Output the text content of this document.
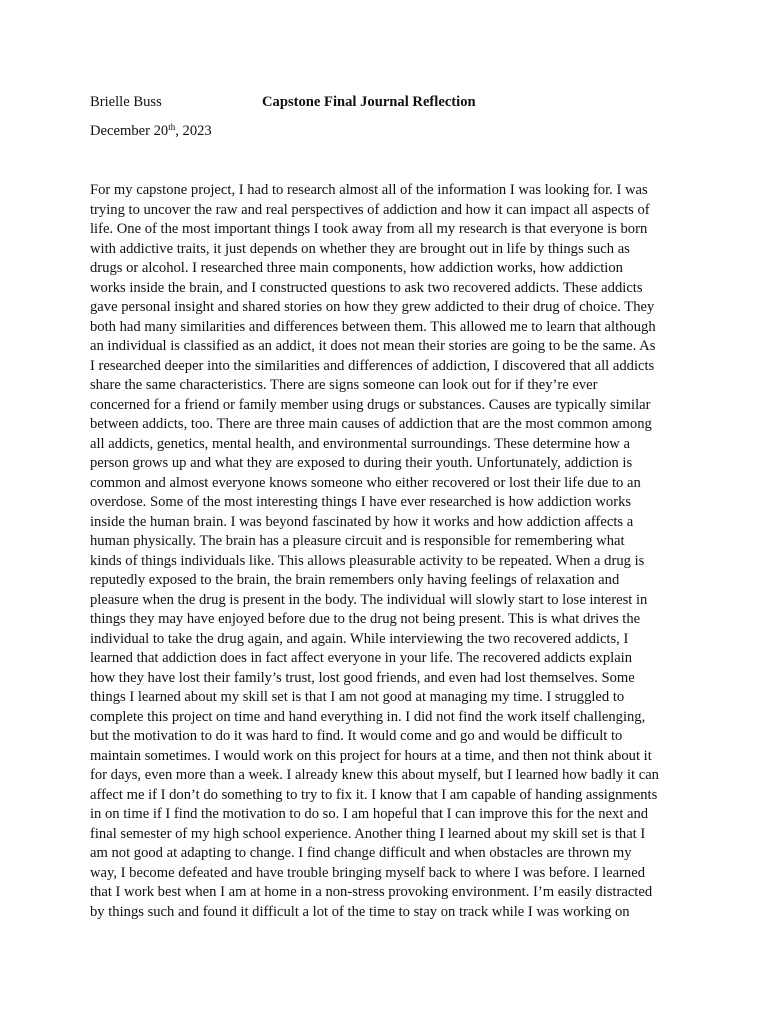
Brielle Buss	Capstone Final Journal Reflection
December 20th, 2023
For my capstone project, I had to research almost all of the information I was looking for. I was
trying to uncover the raw and real perspectives of addiction and how it can impact all aspects of
life. One of the most important things I took away from all my research is that everyone is born
with addictive traits, it just depends on whether they are brought out in life by things such as
drugs or alcohol. I researched three main components, how addiction works, how addiction
works inside the brain, and I constructed questions to ask two recovered addicts. These addicts
gave personal insight and shared stories on how they grew addicted to their drug of choice. They
both had many similarities and differences between them. This allowed me to learn that although
an individual is classified as an addict, it does not mean their stories are going to be the same. As
I researched deeper into the similarities and differences of addiction, I discovered that all addicts
share the same characteristics. There are signs someone can look out for if they’re ever
concerned for a friend or family member using drugs or substances. Causes are typically similar
between addicts, too. There are three main causes of addiction that are the most common among
all addicts, genetics, mental health, and environmental surroundings. These determine how a
person grows up and what they are exposed to during their youth. Unfortunately, addiction is
common and almost everyone knows someone who either recovered or lost their life due to an
overdose. Some of the most interesting things I have ever researched is how addiction works
inside the human brain. I was beyond fascinated by how it works and how addiction affects a
human physically. The brain has a pleasure circuit and is responsible for remembering what
kinds of things individuals like. This allows pleasurable activity to be repeated. When a drug is
reputedly exposed to the brain, the brain remembers only having feelings of relaxation and
pleasure when the drug is present in the body. The individual will slowly start to lose interest in
things they may have enjoyed before due to the drug not being present. This is what drives the
individual to take the drug again, and again. While interviewing the two recovered addicts, I
learned that addiction does in fact affect everyone in your life. The recovered addicts explain
how they have lost their family’s trust, lost good friends, and even had lost themselves. Some
things I learned about my skill set is that I am not good at managing my time. I struggled to
complete this project on time and hand everything in. I did not find the work itself challenging,
but the motivation to do it was hard to find. It would come and go and would be difficult to
maintain sometimes. I would work on this project for hours at a time, and then not think about it
for days, even more than a week. I already knew this about myself, but I learned how badly it can
affect me if I don’t do something to try to fix it. I know that I am capable of handing assignments
in on time if I find the motivation to do so. I am hopeful that I can improve this for the next and
final semester of my high school experience. Another thing I learned about my skill set is that I
am not good at adapting to change. I find change difficult and when obstacles are thrown my
way, I become defeated and have trouble bringing myself back to where I was before. I learned
that I work best when I am at home in a non-stress provoking environment. I’m easily distracted
by things such and found it difficult a lot of the time to stay on track while I was working on
